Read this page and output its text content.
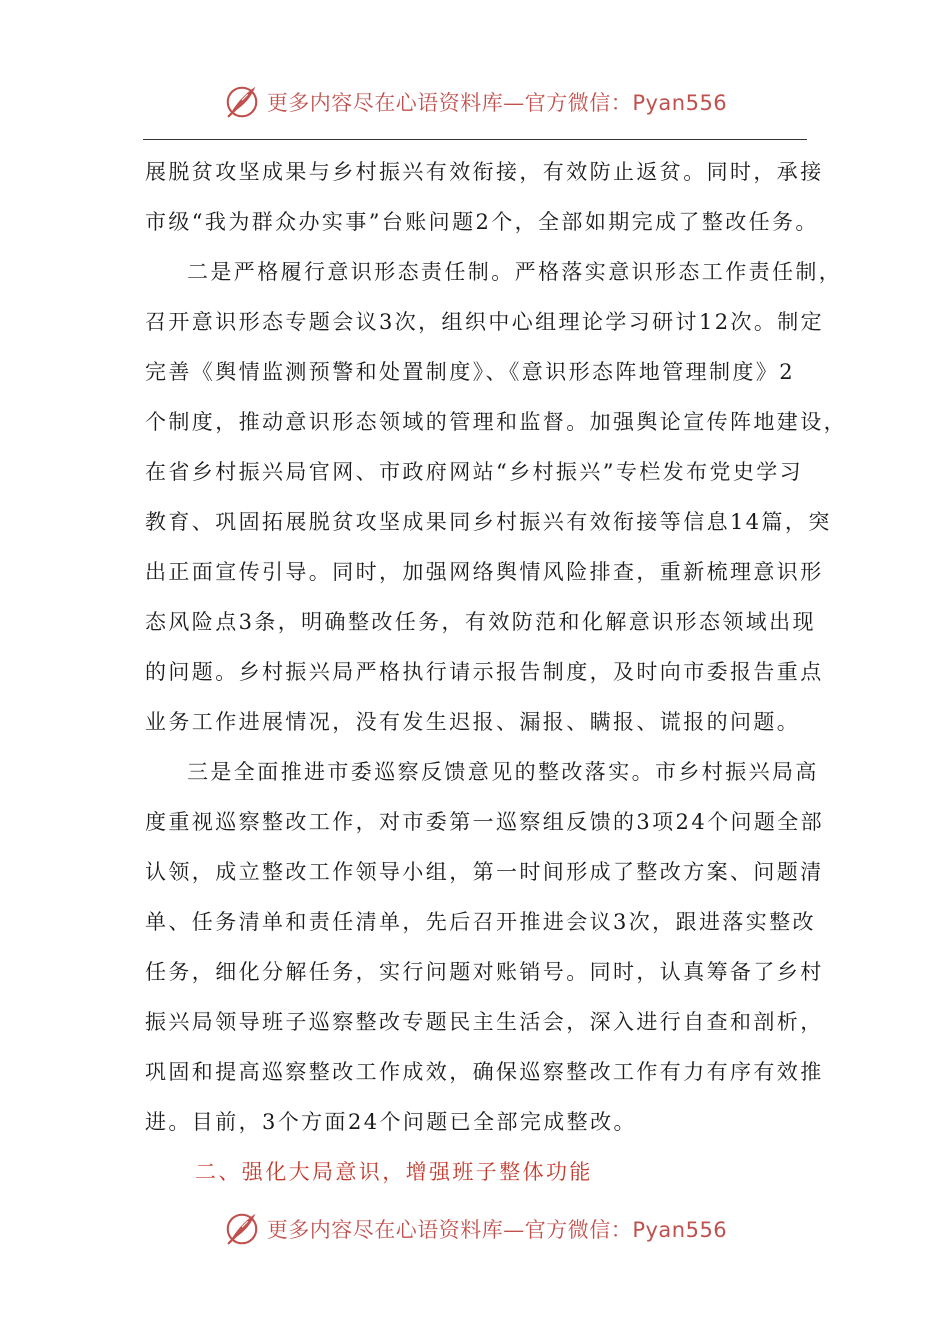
更多内容尽在心语资料库—官方微信：Pyan556
展脱贫攻坚成果与乡村振兴有效衔接，有效防止返贫。同时，承接
市级“我为群众办实事”台账问题2个，全部如期完成了整改任务。
二是严格履行意识形态责任制。严格落实意识形态工作责任制，
召开意识形态专题会议3次，组织中心组理论学习研讨12次。制定
完善《舆情监测预警和处置制度》、《意识形态阵地管理制度》2
个制度，推动意识形态领域的管理和监督。加强舆论宣传阵地建设，
在省乡村振兴局官网、市政府网站“乡村振兴”专栏发布党史学习
教育、巩固拓展脱贫攻坚成果同乡村振兴有效衔接等信息14篇，突
出正面宣传引导。同时，加强网络舆情风险排查，重新梳理意识形
态风险点3条，明确整改任务，有效防范和化解意识形态领域出现
的问题。乡村振兴局严格执行请示报告制度，及时向市委报告重点
业务工作进展情况，没有发生迟报、漏报、瞒报、谎报的问题。
三是全面推进市委巡察反馈意见的整改落实。市乡村振兴局高
度重视巡察整改工作，对市委第一巡察组反馈的3项24个问题全部
认领，成立整改工作领导小组，第一时间形成了整改方案、问题清
单、任务清单和责任清单，先后召开推进会议3次，跟进落实整改
任务，细化分解任务，实行问题对账销号。同时，认真筹备了乡村
振兴局领导班子巡察整改专题民主生活会，深入进行自查和剖析，
巩固和提高巡察整改工作成效，确保巡察整改工作有力有序有效推
进。目前，3个方面24个问题已全部完成整改。
二、强化大局意识，增强班子整体功能
更多内容尽在心语资料库—官方微信：Pyan556
